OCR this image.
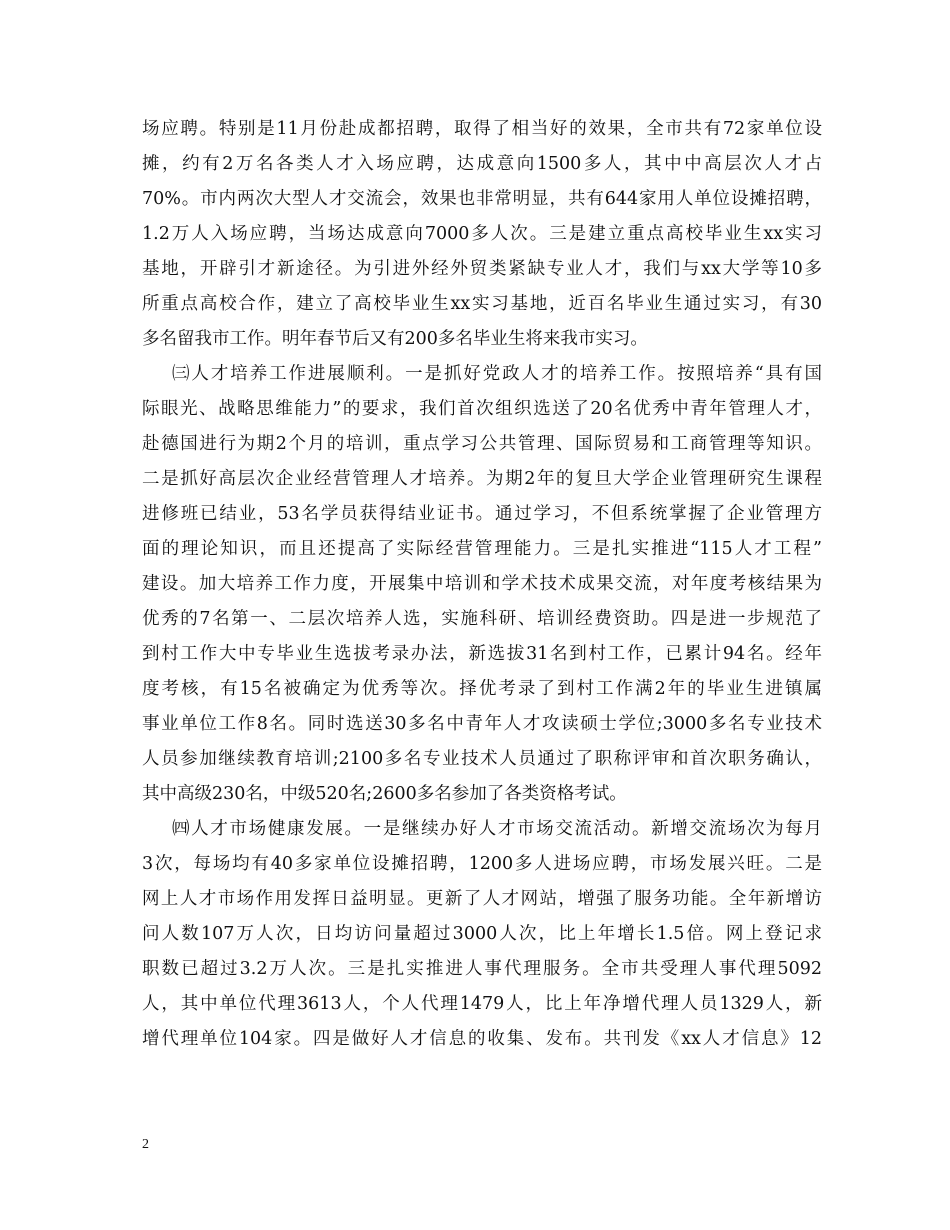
场应聘。特别是11月份赴成都招聘，取得了相当好的效果，全市共有72家单位设
摊，约有2万名各类人才入场应聘，达成意向1500多人，其中中高层次人才占
70%。市内两次大型人才交流会，效果也非常明显，共有644家用人单位设摊招聘，
1.2万人入场应聘，当场达成意向7000多人次。三是建立重点高校毕业生xx实习
基地，开辟引才新途径。为引进外经外贸类紧缺专业人才，我们与xx大学等10多
所重点高校合作，建立了高校毕业生xx实习基地，近百名毕业生通过实习，有30
多名留我市工作。明年春节后又有200多名毕业生将来我市实习。
㈢人才培养工作进展顺利。一是抓好党政人才的培养工作。按照培养“具有国
际眼光、战略思维能力”的要求，我们首次组织选送了20名优秀中青年管理人才，
赴德国进行为期2个月的培训，重点学习公共管理、国际贸易和工商管理等知识。
二是抓好高层次企业经营管理人才培养。为期2年的复旦大学企业管理研究生课程
进修班已结业，53名学员获得结业证书。通过学习，不但系统掌握了企业管理方
面的理论知识，而且还提高了实际经营管理能力。三是扎实推进“115人才工程”
建设。加大培养工作力度，开展集中培训和学术技术成果交流，对年度考核结果为
优秀的7名第一、二层次培养人选，实施科研、培训经费资助。四是进一步规范了
到村工作大中专毕业生选拔考录办法，新选拔31名到村工作，已累计94名。经年
度考核，有15名被确定为优秀等次。择优考录了到村工作满2年的毕业生进镇属
事业单位工作8名。同时选送30多名中青年人才攻读硕士学位;3000多名专业技术
人员参加继续教育培训;2100多名专业技术人员通过了职称评审和首次职务确认，
其中高级230名，中级520名;2600多名参加了各类资格考试。
㈣人才市场健康发展。一是继续办好人才市场交流活动。新增交流场次为每月
3次，每场均有40多家单位设摊招聘，1200多人进场应聘，市场发展兴旺。二是
网上人才市场作用发挥日益明显。更新了人才网站，增强了服务功能。全年新增访
问人数107万人次，日均访问量超过3000人次，比上年增长1.5倍。网上登记求
职数已超过3.2万人次。三是扎实推进人事代理服务。全市共受理人事代理5092
人，其中单位代理3613人，个人代理1479人，比上年净增代理人员1329人，新
增代理单位104家。四是做好人才信息的收集、发布。共刊发《xx人才信息》12
2
